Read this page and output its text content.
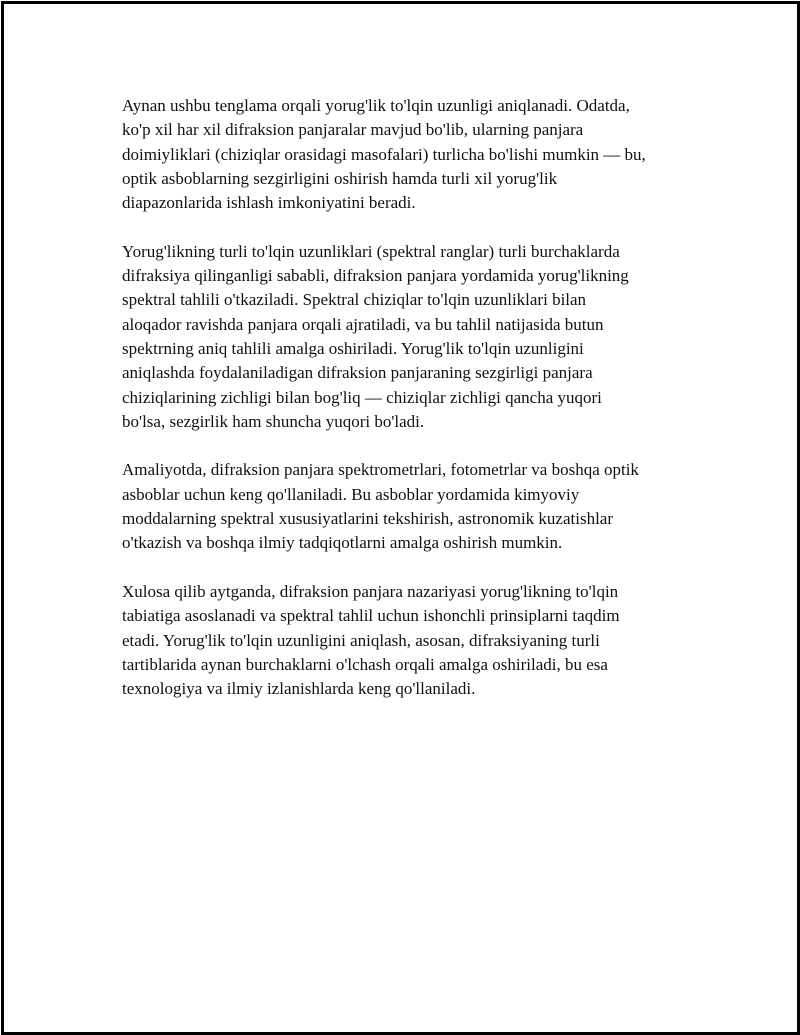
Aynan ushbu tenglama orqali yorug'lik to'lqin uzunligi aniqlanadi. Odatda,
ko'p xil har xil difraksion panjaralar mavjud bo'lib, ularning panjara
doimiyliklari (chiziqlar orasidagi masofalari) turlicha bo'lishi mumkin — bu,
optik asboblarning sezgirligini oshirish hamda turli xil yorug'lik
diapazonlarida ishlash imkoniyatini beradi.

Yorug'likning turli to'lqin uzunliklari (spektral ranglar) turli burchaklarda
difraksiya qilinganligi sababli, difraksion panjara yordamida yorug'likning
spektral tahlili o'tkaziladi. Spektral chiziqlar to'lqin uzunliklari bilan
aloqador ravishda panjara orqali ajratiladi, va bu tahlil natijasida butun
spektrning aniq tahlili amalga oshiriladi. Yorug'lik to'lqin uzunligini
aniqlashda foydalaniladigan difraksion panjaraning sezgirligi panjara
chiziqlarining zichligi bilan bog'liq — chiziqlar zichligi qancha yuqori
bo'lsa, sezgirlik ham shuncha yuqori bo'ladi.

Amaliyotda, difraksion panjara spektrometrlari, fotometrlar va boshqa optik
asboblar uchun keng qo'llaniladi. Bu asboblar yordamida kimyoviy
moddalarning spektral xususiyatlarini tekshirish, astronomik kuzatishlar
o'tkazish va boshqa ilmiy tadqiqotlarni amalga oshirish mumkin.

Xulosa qilib aytganda, difraksion panjara nazariyasi yorug'likning to'lqin
tabiatiga asoslanadi va spektral tahlil uchun ishonchli prinsiplarni taqdim
etadi. Yorug'lik to'lqin uzunligini aniqlash, asosan, difraksiyaning turli
tartiblarida aynan burchaklarni o'lchash orqali amalga oshiriladi, bu esa
texnologiya va ilmiy izlanishlarda keng qo'llaniladi.
